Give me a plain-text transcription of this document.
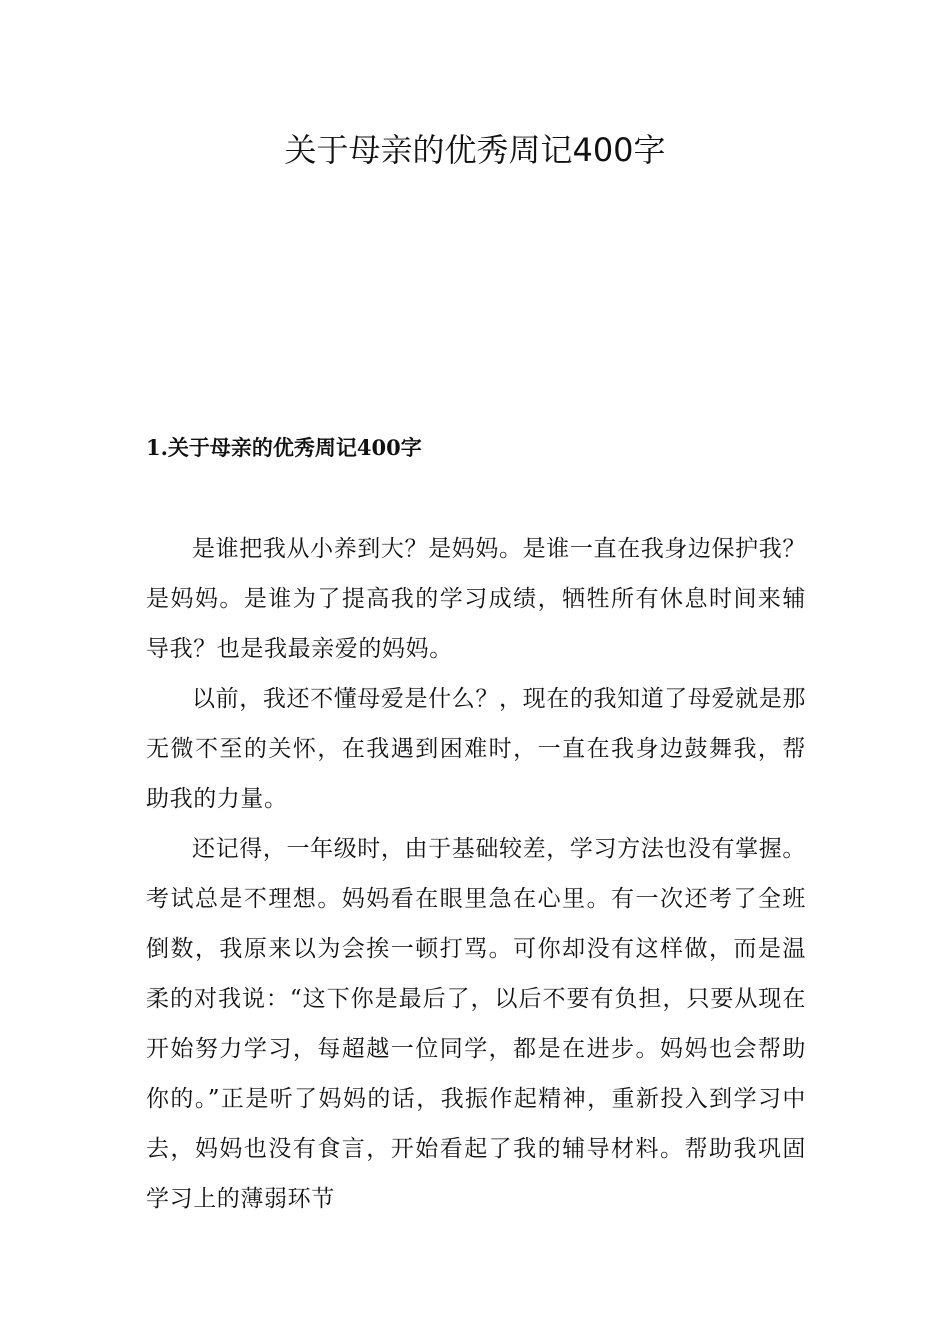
关于母亲的优秀周记400字
1.关于母亲的优秀周记400字

是谁把我从小养到大？是妈妈。是谁一直在我身边保护我？是妈妈。是谁为了提高我的学习成绩，牺牲所有休息时间来辅导我？也是我最亲爱的妈妈。

以前，我还不懂母爱是什么？，现在的我知道了母爱就是那无微不至的关怀，在我遇到困难时，一直在我身边鼓舞我，帮助我的力量。

还记得，一年级时，由于基础较差，学习方法也没有掌握。考试总是不理想。妈妈看在眼里急在心里。有一次还考了全班倒数，我原来以为会挨一顿打骂。可你却没有这样做，而是温柔的对我说：“这下你是最后了，以后不要有负担，只要从现在开始努力学习，每超越一位同学，都是在进步。妈妈也会帮助你的。”正是听了妈妈的话，我振作起精神，重新投入到学习中去，妈妈也没有食言，开始看起了我的辅导材料。帮助我巩固学习上的薄弱环节
